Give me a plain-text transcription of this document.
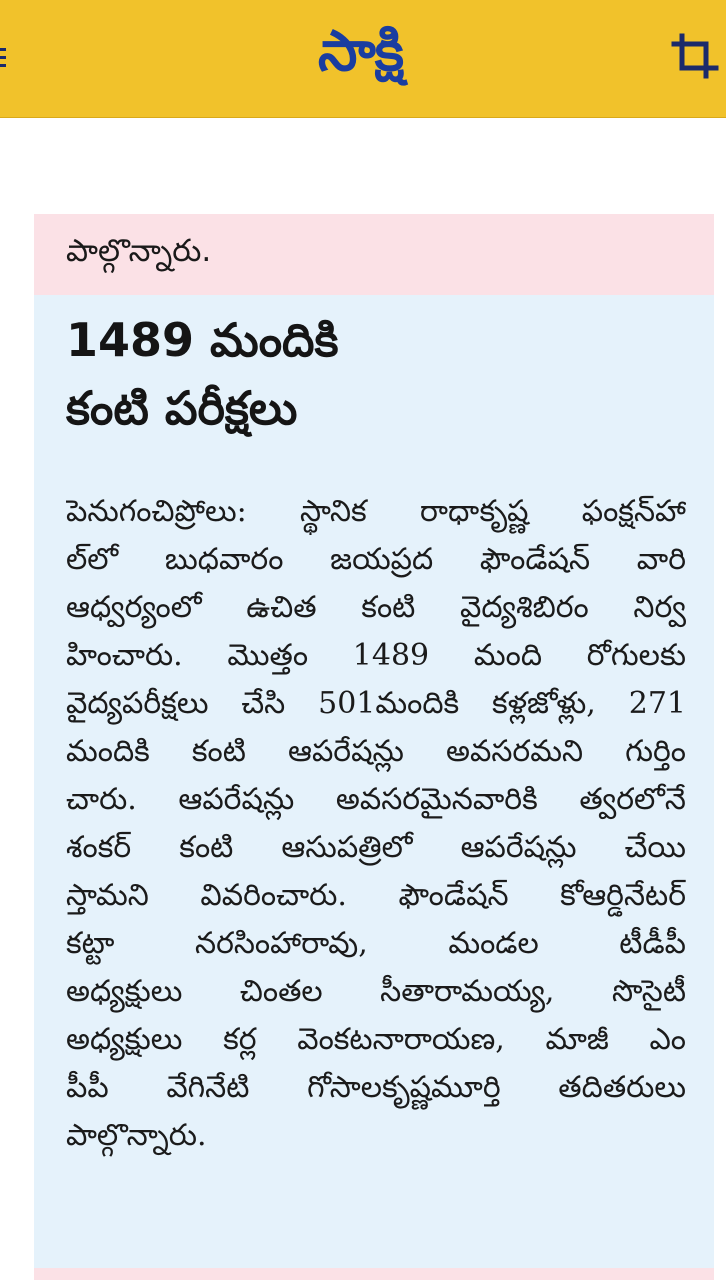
సాక్షి
పాల్గొన్నారు.
1489 మందికి
కంటి పరీక్షలు
పెనుగంచిప్రోలు: స్థానిక రాధాకృష్ణ ఫంక్షన్‌హా
ల్‌లో బుధవారం జయప్రద ఫౌండేషన్ వారి
ఆధ్వర్యంలో ఉచిత కంటి వైద్యశిబిరం నిర్వ
హించారు. మొత్తం 1489 మంది రోగులకు
వైద్యపరీక్షలు చేసి 501మందికి కళ్లజోళ్లు, 271
మందికి కంటి ఆపరేషన్లు అవసరమని గుర్తిం
చారు. ఆపరేషన్లు అవసరమైనవారికి త్వరలోనే
శంకర్ కంటి ఆసుపత్రిలో ఆపరేషన్లు చేయి
స్తామని వివరించారు. ఫౌండేషన్ కోఆర్డినేటర్
కట్టా నరసింహారావు, మండల టీడీపీ
అధ్యక్షులు చింతల సీతారామయ్య, సొసైటీ
అధ్యక్షులు కర్ల వెంకటనారాయణ, మాజీ ఎం
పీపీ వేగినేటి గోసాలకృష్ణమూర్తి తదితరులు
పాల్గొన్నారు.
